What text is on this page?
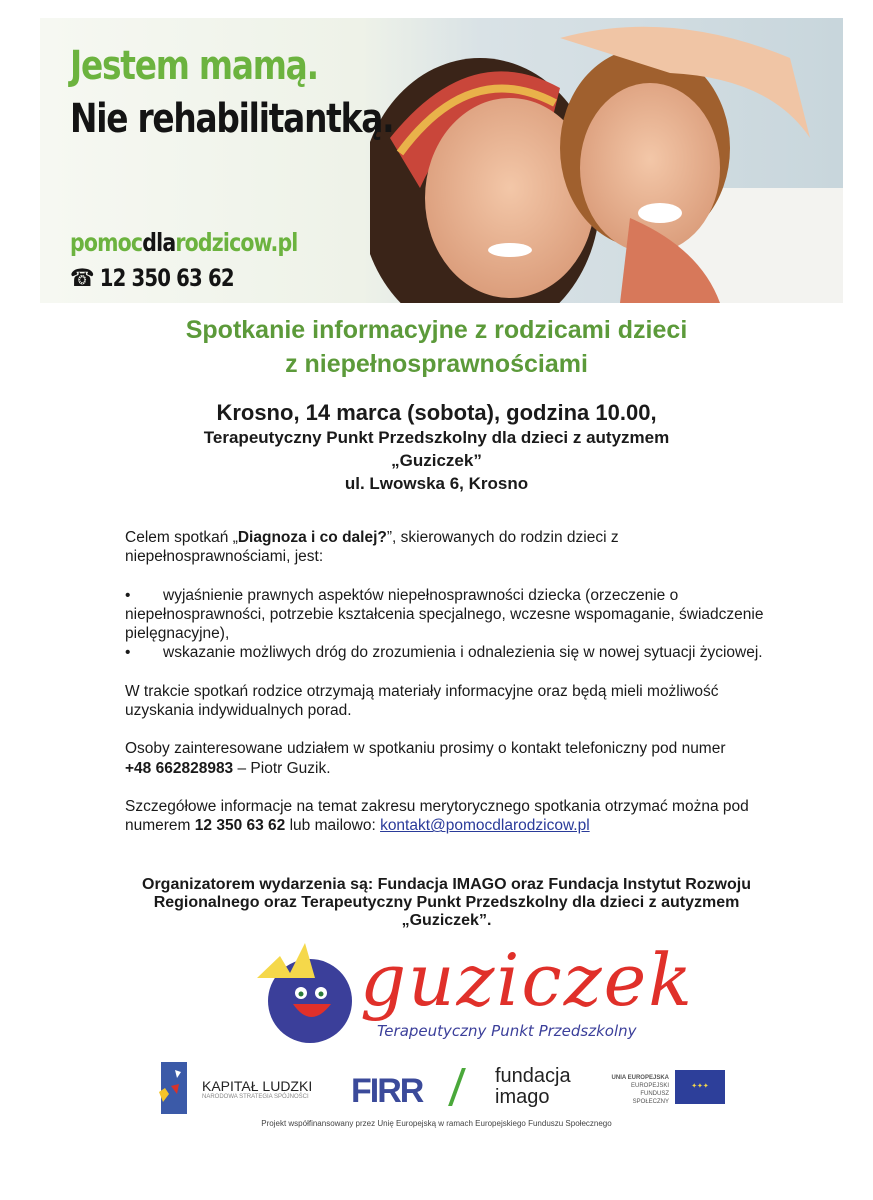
Jestem mamą.
Nie rehabilitantką.
pomocdlarodzicow.pl
☎ 12 350 63 62
Spotkanie informacyjne z rodzicami dzieci
z niepełnosprawnościami
Krosno, 14 marca (sobota), godzina 10.00,
Terapeutyczny Punkt Przedszkolny dla dzieci z autyzmem
„Guziczek”
ul. Lwowska 6, Krosno

Celem spotkań „Diagnoza i co dalej?”, skierowanych do rodzin dzieci z niepełnosprawnościami, jest:

• wyjaśnienie prawnych aspektów niepełnosprawności dziecka (orzeczenie o niepełnosprawności, potrzebie kształcenia specjalnego, wczesne wspomaganie, świadczenie pielęgnacyjne),
• wskazanie możliwych dróg do zrozumienia i odnalezienia się w nowej sytuacji życiowej.

W trakcie spotkań rodzice otrzymają materiały informacyjne oraz będą mieli możliwość uzyskania indywidualnych porad.

Osoby zainteresowane udziałem w spotkaniu prosimy o kontakt telefoniczny pod numer
+48 662828983 – Piotr Guzik.

Szczegółowe informacje na temat zakresu merytorycznego spotkania otrzymać można pod numerem 12 350 63 62 lub mailowo: kontakt@pomocdlarodzicow.pl

Organizatorem wydarzenia są: Fundacja IMAGO oraz Fundacja Instytut Rozwoju Regionalnego oraz Terapeutyczny Punkt Przedszkolny dla dzieci z autyzmem „Guziczek”.
guziczek
Terapeutyczny Punkt Przedszkolny
KAPITAŁ LUDZKI
NARODOWA STRATEGIA SPÓJNOŚCI FIRR	fundacja
imago
UNIA EUROPEJSKA
EUROPEJSKI
FUNDUSZ SPOŁECZNY
✦✦✦
Projekt współfinansowany przez Unię Europejską w ramach Europejskiego Funduszu Społecznego
